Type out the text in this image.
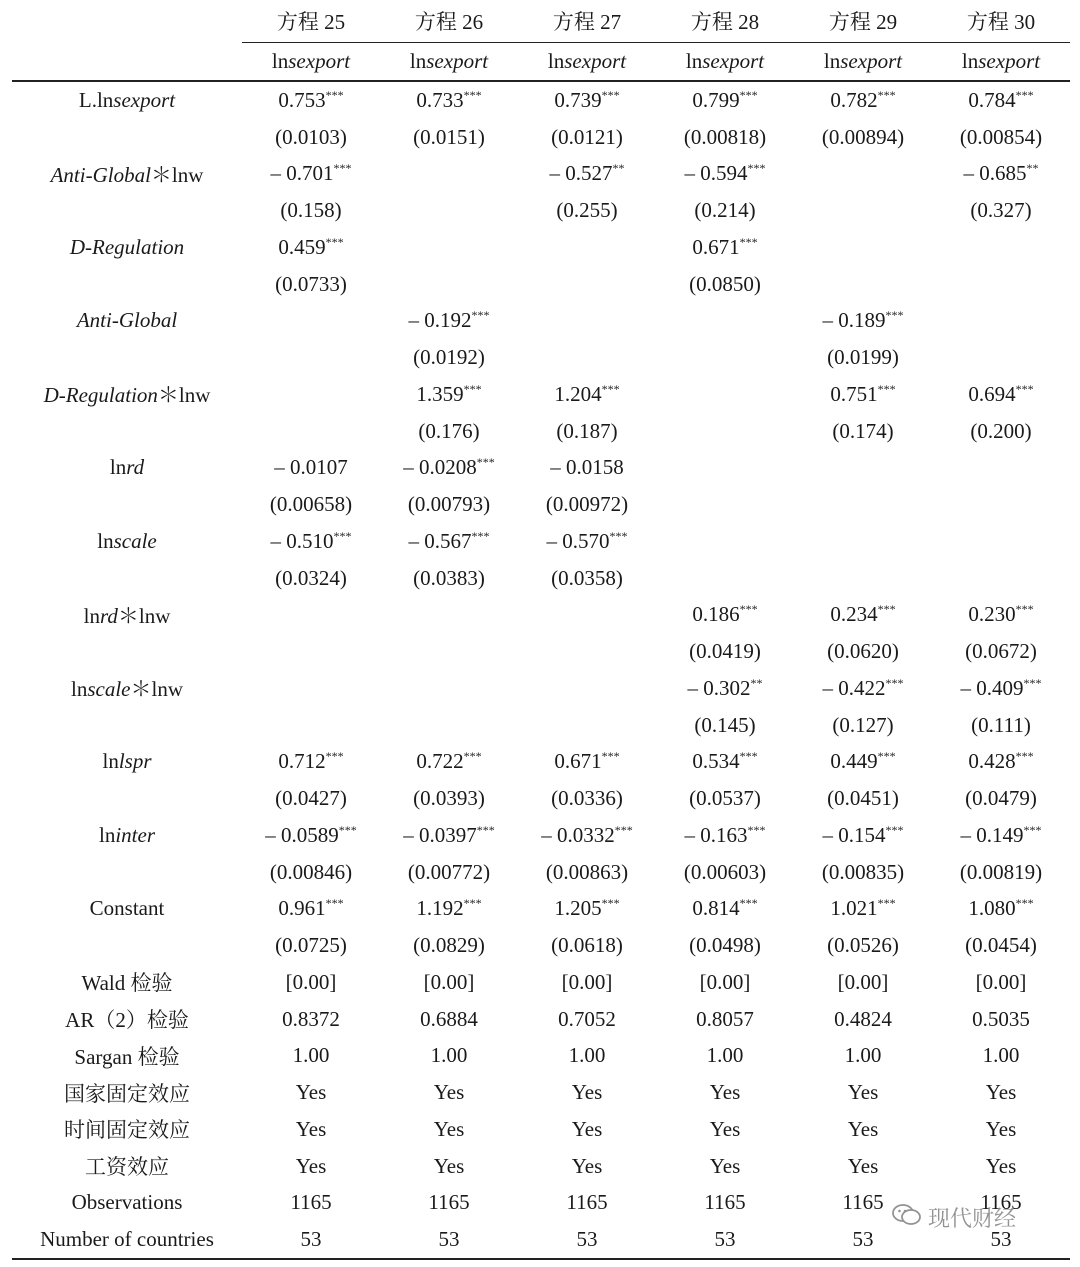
	方程 25	方程 26	方程 27	方程 28	方程 29	方程 30
	lnsexport	lnsexport	lnsexport	lnsexport	lnsexport	lnsexport
L.lnsexport	0.753***	0.733***	0.739***	0.799***	0.782***	0.784***
	(0.0103)	(0.0151)	(0.0121)	(0.00818)	(0.00894)	(0.00854)
Anti-Global＊lnw	– 0.701***		– 0.527**	– 0.594***		– 0.685**
	(0.158)		(0.255)	(0.214)		(0.327)
D-Regulation	0.459***			0.671***		
	(0.0733)			(0.0850)		
Anti-Global		– 0.192***			– 0.189***	
		(0.0192)			(0.0199)	
D-Regulation＊lnw		1.359***	1.204***		0.751***	0.694***
		(0.176)	(0.187)		(0.174)	(0.200)
lnrd	– 0.0107	– 0.0208***	– 0.0158			
	(0.00658)	(0.00793)	(0.00972)			
lnscale	– 0.510***	– 0.567***	– 0.570***			
	(0.0324)	(0.0383)	(0.0358)			
lnrd＊lnw				0.186***	0.234***	0.230***
				(0.0419)	(0.0620)	(0.0672)
lnscale＊lnw				– 0.302**	– 0.422***	– 0.409***
				(0.145)	(0.127)	(0.111)
lnlspr	0.712***	0.722***	0.671***	0.534***	0.449***	0.428***
	(0.0427)	(0.0393)	(0.0336)	(0.0537)	(0.0451)	(0.0479)
lninter	– 0.0589***	– 0.0397***	– 0.0332***	– 0.163***	– 0.154***	– 0.149***
	(0.00846)	(0.00772)	(0.00863)	(0.00603)	(0.00835)	(0.00819)
Constant	0.961***	1.192***	1.205***	0.814***	1.021***	1.080***
	(0.0725)	(0.0829)	(0.0618)	(0.0498)	(0.0526)	(0.0454)
Wald 检验	[0.00]	[0.00]	[0.00]	[0.00]	[0.00]	[0.00]
AR（2）检验	0.8372	0.6884	0.7052	0.8057	0.4824	0.5035
Sargan 检验	1.00	1.00	1.00	1.00	1.00	1.00
国家固定效应	Yes	Yes	Yes	Yes	Yes	Yes
时间固定效应	Yes	Yes	Yes	Yes	Yes	Yes
工资效应	Yes	Yes	Yes	Yes	Yes	Yes
Observations	1165	1165	1165	1165	1165	1165
Number of countries	53	53	53	53	53	53
现代财经
